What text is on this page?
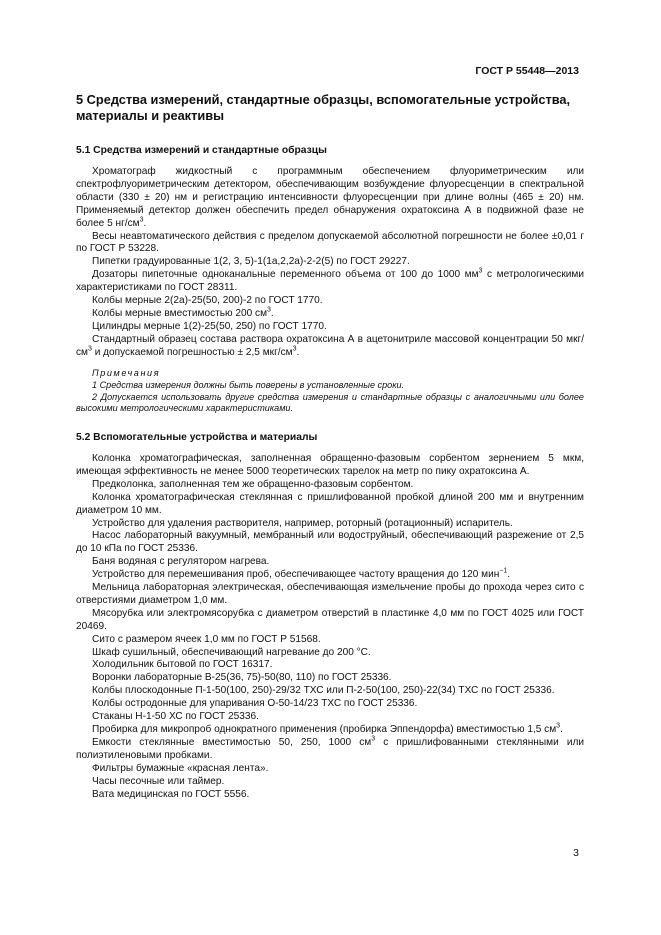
ГОСТ Р 55448—2013
5 Средства измерений, стандартные образцы, вспомогательные устройства, материалы и реактивы
5.1 Средства измерений и стандартные образцы

Хроматограф жидкостный с программным обеспечением флуориметрическим или спектрофлуориметрическим детектором, обеспечивающим возбуждение флуоресценции в спектральной области (330 ± 20) нм и регистрацию интенсивности флуоресценции при длине волны (465 ± 20) нм. Применяемый детектор должен обеспечить предел обнаружения охратоксина А в подвижной фазе не более 5 $нг/см^3$.

Весы неавтоматического действия с пределом допускаемой абсолютной погрешности не более ±0,01 г по ГОСТ Р 53228.

Пипетки градуированные 1(2, 3, 5)-1(1а,2,2а)-2-2(5) по ГОСТ 29227.

Дозаторы пипеточные одноканальные переменного объема от 100 до 1000 $мм^3$ с метрологическими характеристиками по ГОСТ 28311.

Колбы мерные 2(2а)-25(50, 200)-2 по ГОСТ 1770.

Колбы мерные вместимостью 200 $см^3$.

Цилиндры мерные 1(2)-25(50, 250) по ГОСТ 1770.

Стандартный образец состава раствора охратоксина А в ацетонитриле массовой концентрации 50 мкг/$см^3$ и допускаемой погрешностью ± 2,5 мкг/$см^3$.

Примечания

1 Средства измерения должны быть поверены в установленные сроки.

2 Допускается использовать другие средства измерения и стандартные образцы с аналогичными или более высокими метрологическими характеристиками.

5.2 Вспомогательные устройства и материалы

Колонка хроматографическая, заполненная обращенно-фазовым сорбентом зернением 5 мкм, имеющая эффективность не менее 5000 теоретических тарелок на метр по пику охратоксина А.

Предколонка, заполненная тем же обращенно-фазовым сорбентом.

Колонка хроматографическая стеклянная с пришлифованной пробкой длиной 200 мм и внутренним диаметром 10 мм.

Устройство для удаления растворителя, например, роторный (ротационный) испаритель.

Насос лабораторный вакуумный, мембранный или водоструйный, обеспечивающий разрежение от 2,5 до 10 кПа по ГОСТ 25336.

Баня водяная с регулятором нагрева.

Устройство для перемешивания проб, обеспечивающее частоту вращения до 120 мин$^{-1}$.

Мельница лабораторная электрическая, обеспечивающая измельчение пробы до прохода через сито с отверстиями диаметром 1,0 мм.

Мясорубка или электромясорубка с диаметром отверстий в пластинке 4,0 мм по ГОСТ 4025 или ГОСТ 20469.

Сито с размером ячеек 1,0 мм по ГОСТ Р 51568.

Шкаф сушильный, обеспечивающий нагревание до 200 °C.

Холодильник бытовой по ГОСТ 16317.

Воронки лабораторные В-25(36, 75)-50(80, 110) по ГОСТ 25336.

Колбы плоскодонные П-1-50(100, 250)-29/32 ТХС или П-2-50(100, 250)-22(34) ТХС по ГОСТ 25336.

Колбы остродонные для упаривания О-50-14/23 ТХС по ГОСТ 25336.

Стаканы Н-1-50 ХС по ГОСТ 25336.

Пробирка для микропроб однократного применения (пробирка Эппендорфа) вместимостью 1,5 $см^3$.

Емкости стеклянные вместимостью 50, 250, 1000 $см^3$ с пришлифованными стеклянными или полиэтиленовыми пробками.

Фильтры бумажные «красная лента».

Часы песочные или таймер.

Вата медицинская по ГОСТ 5556.

3
